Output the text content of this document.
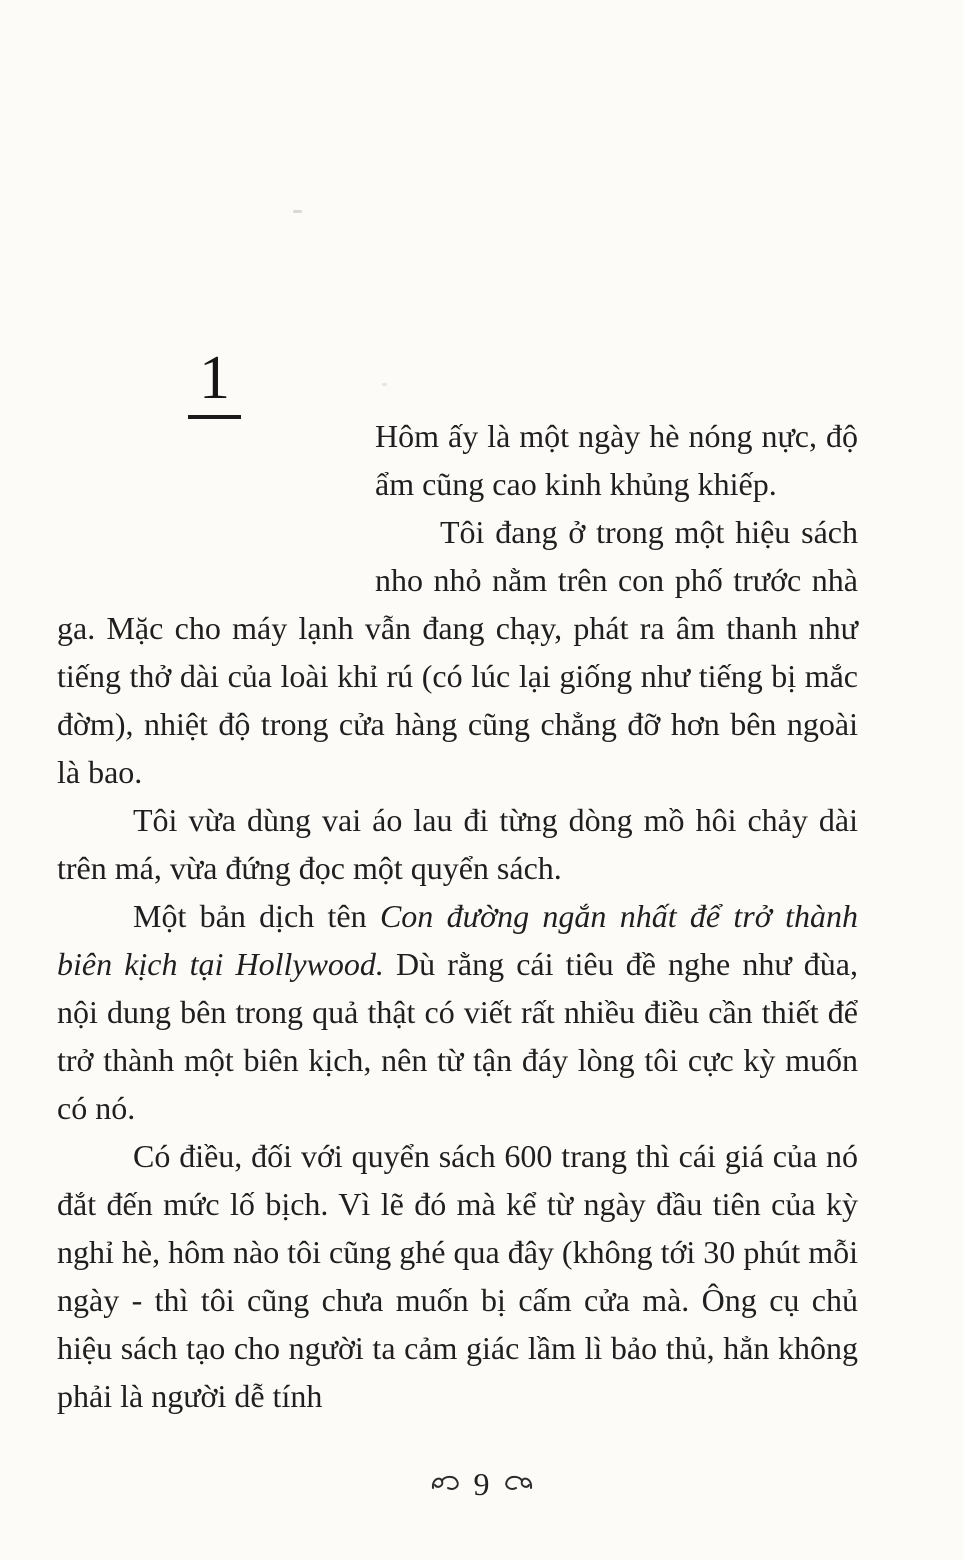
1

Hôm ấy là một ngày hè nóng nực, độ ẩm cũng cao kinh khủng khiếp.

Tôi đang ở trong một hiệu sách nho nhỏ nằm trên con phố trước nhà ga. Mặc cho máy lạnh vẫn đang chạy, phát ra âm thanh như tiếng thở dài của loài khỉ rú (có lúc lại giống như tiếng bị mắc đờm), nhiệt độ trong cửa hàng cũng chẳng đỡ hơn bên ngoài là bao.

Tôi vừa dùng vai áo lau đi từng dòng mồ hôi chảy dài trên má, vừa đứng đọc một quyển sách.

Một bản dịch tên Con đường ngắn nhất để trở thành biên kịch tại Hollywood. Dù rằng cái tiêu đề nghe như đùa, nội dung bên trong quả thật có viết rất nhiều điều cần thiết để trở thành một biên kịch, nên từ tận đáy lòng tôi cực kỳ muốn có nó.

Có điều, đối với quyển sách 600 trang thì cái giá của nó đắt đến mức lố bịch. Vì lẽ đó mà kể từ ngày đầu tiên của kỳ nghỉ hè, hôm nào tôi cũng ghé qua đây (không tới 30 phút mỗi ngày - thì tôi cũng chưa muốn bị cấm cửa mà. Ông cụ chủ hiệu sách tạo cho người ta cảm giác lầm lì bảo thủ, hẳn không phải là người dễ tính

9
